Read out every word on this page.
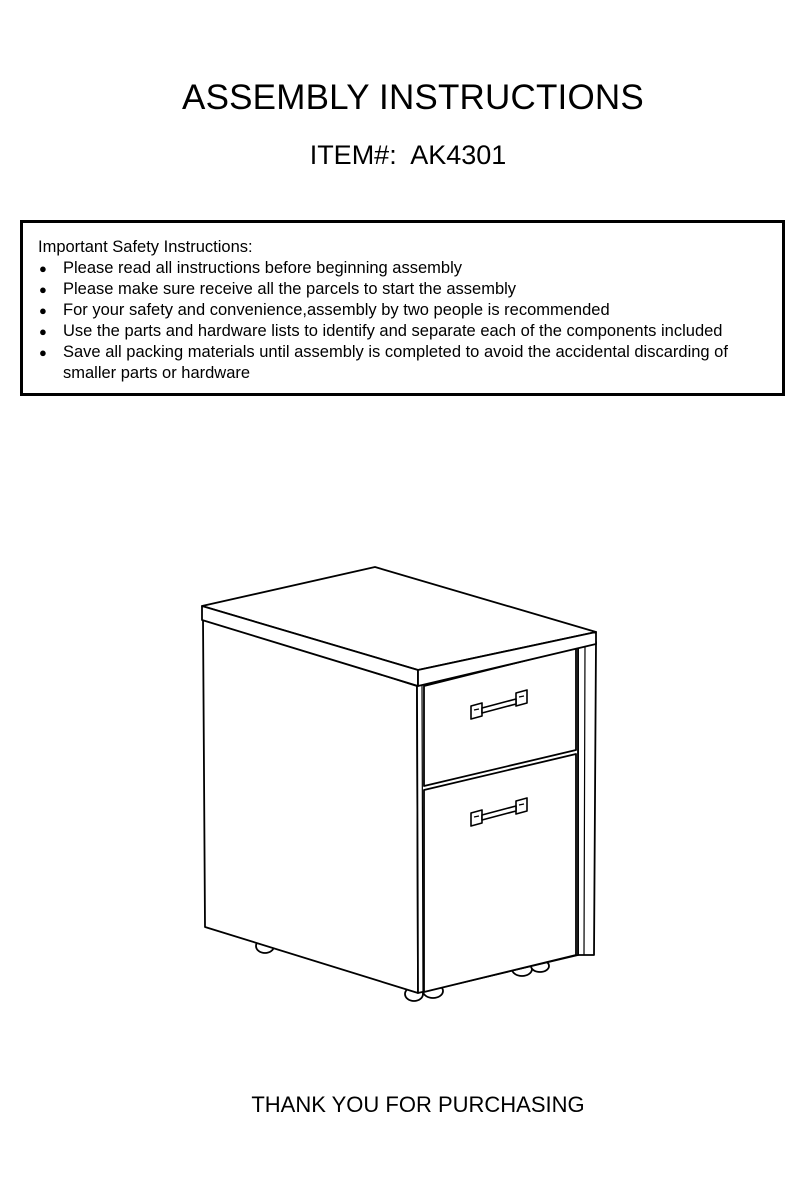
ASSEMBLY INSTRUCTIONS
ITEM#: AK4301
Important Safety Instructions:
● Please read all instructions before beginning assembly
● Please make sure receive all the parcels to start the assembly
● For your safety and convenience,assembly by two people is recommended
● Use the parts and hardware lists to identify and separate each of the components included
● Save all packing materials until assembly is completed to avoid the accidental discarding of smaller parts or hardware
THANK YOU FOR PURCHASING
